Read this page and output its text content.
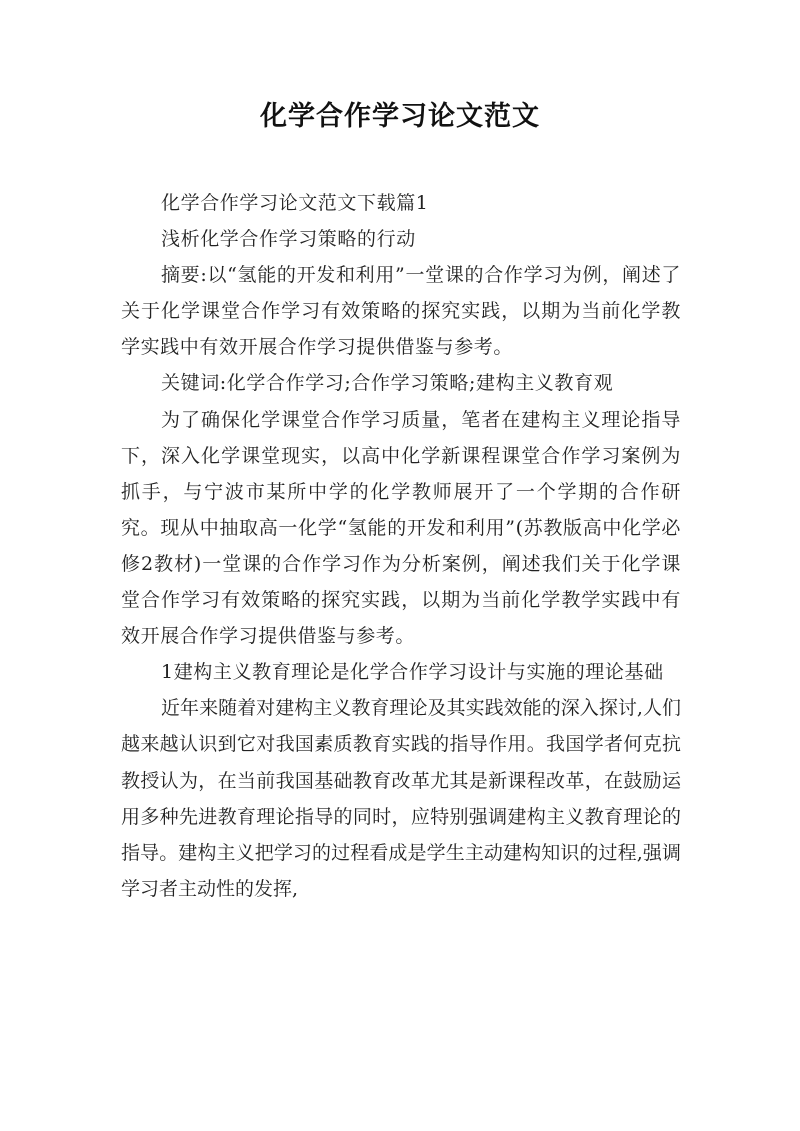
化学合作学习论文范文

化学合作学习论文范文下载篇1

浅析化学合作学习策略的行动

摘要:以“氢能的开发和利用”一堂课的合作学习为例，阐述了关于化学课堂合作学习有效策略的探究实践，以期为当前化学教学实践中有效开展合作学习提供借鉴与参考。

关键词:化学合作学习;合作学习策略;建构主义教育观

为了确保化学课堂合作学习质量，笔者在建构主义理论指导下，深入化学课堂现实，以高中化学新课程课堂合作学习案例为抓手，与宁波市某所中学的化学教师展开了一个学期的合作研究。现从中抽取高一化学“氢能的开发和利用”(苏教版高中化学必修2教材)一堂课的合作学习作为分析案例，阐述我们关于化学课堂合作学习有效策略的探究实践，以期为当前化学教学实践中有效开展合作学习提供借鉴与参考。

1建构主义教育理论是化学合作学习设计与实施的理论基础

近年来随着对建构主义教育理论及其实践效能的深入探讨,人们越来越认识到它对我国素质教育实践的指导作用。我国学者何克抗教授认为，在当前我国基础教育改革尤其是新课程改革，在鼓励运用多种先进教育理论指导的同时，应特别强调建构主义教育理论的指导。建构主义把学习的过程看成是学生主动建构知识的过程,强调学习者主动性的发挥,
